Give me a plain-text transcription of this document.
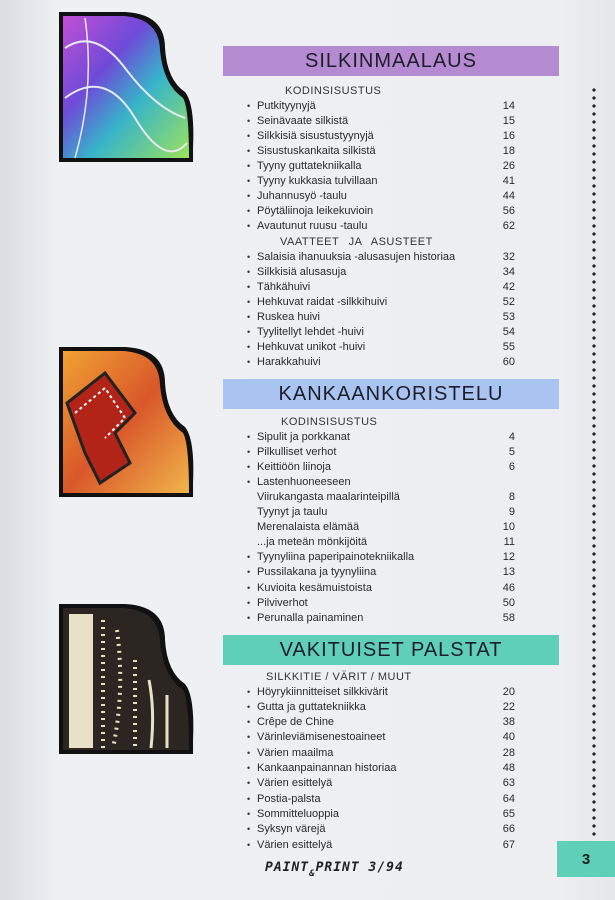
SILKINMAALAUS
KANKAANKORISTELU
VAKITUISET PALSTAT
KODINSISUSTUS
VAATTEET JA ASUSTEET
KODINSISUSTUS
SILKKITIE / VÄRIT / MUUT
• Putkityynyjä	14
• Seinävaate silkistä	15
• Silkkisiä sisustustyynyjä	16
• Sisustuskankaita silkistä	18
• Tyyny guttatekniikalla	26
• Tyyny kukkasia tulvillaan	41
• Juhannusyö -taulu	44
• Pöytäliinoja leikekuvioin	56
• Avautunut ruusu -taulu	62
• Salaisia ihanuuksia -alusasujen historiaa	32
• Silkkisiä alusasuja	34
• Tähkähuivi	42
• Hehkuvat raidat -silkkihuivi	52
• Ruskea huivi	53
• Tyylitellyt lehdet -huivi	54
• Hehkuvat unikot -huivi	55
• Harakkahuivi	60
• Sipulit ja porkkanat	4
• Pilkulliset verhot	5
• Keittiöön liinoja	6
• Lastenhuoneeseen
Viirukangasta maalarinteipillä	8
Tyynyt ja taulu	9
Merenalaista elämää	10
...ja meteän mönkijöitä	11
• Tyynyliina paperipainotekniikalla	12
• Pussilakana ja tyynyliina	13
• Kuvioita kesämuistoista	46
• Pilviverhot	50
• Perunalla painaminen	58
• Höyrykiinnitteiset silkkivärit	20
• Gutta ja guttatekniikka	22
• Crêpe de Chine	38
• Värinleviämisenestoaineet	40
• Värien maailma	28
• Kankaanpainannan historiaa	48
• Värien esittelyä	63
• Postia-palsta	64
• Sommitteluoppia	65
• Syksyn värejä	66
• Värien esittelyä	67
3
$PAINT_{\&}PRINT$ 3/94
